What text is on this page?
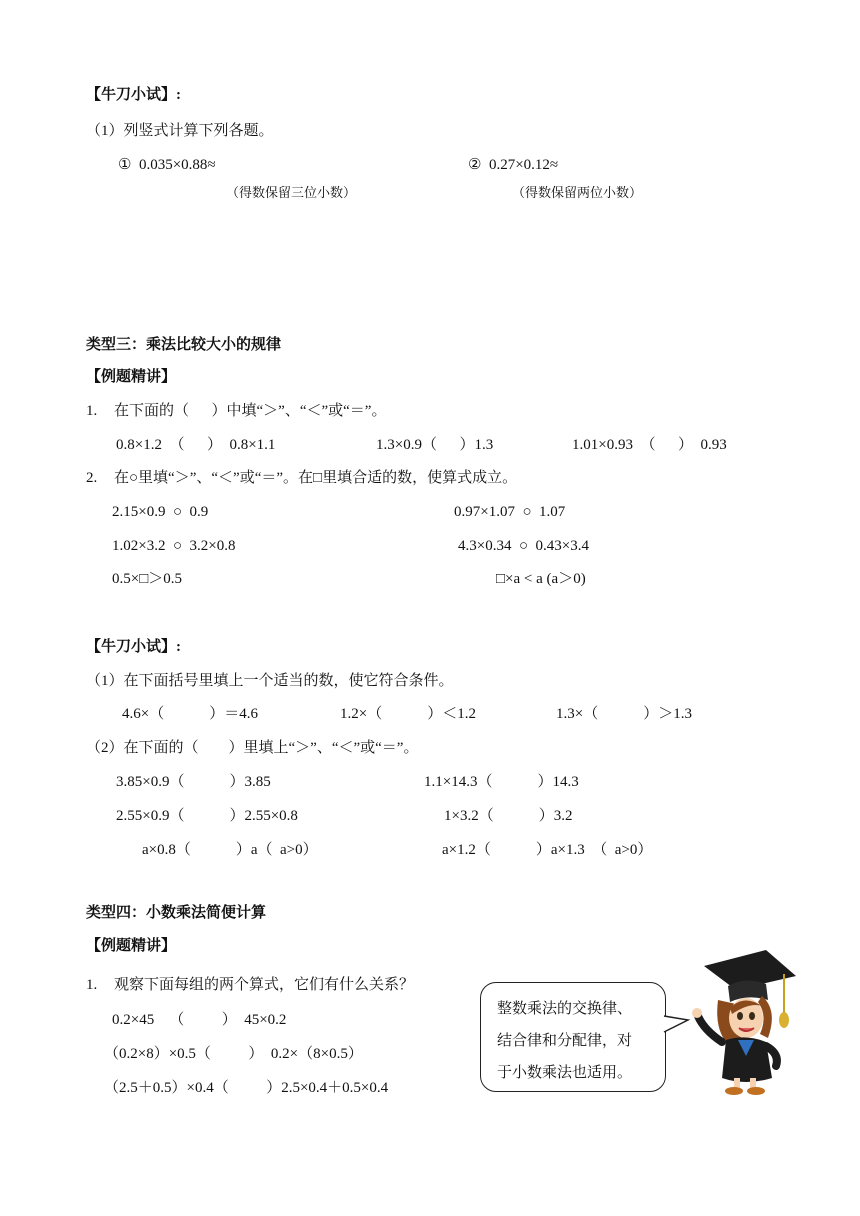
【牛刀小试】:
（1）列竖式计算下列各题。
①  0.035×0.88≈
（得数保留三位小数）
②  0.27×0.12≈
（得数保留两位小数）
类型三：乘法比较大小的规律
【例题精讲】
1. 在下面的（      ）中填“＞”、“＜”或“＝”。
0.8×1.2  （      ）  0.8×1.1	1.3×0.9（      ）1.3	1.01×0.93  （      ）  0.93
2. 在○里填“＞”、“＜”或“＝”。在□里填合适的数，使算式成立。
2.15×0.9  ○  0.9	0.97×1.07  ○  1.07
1.02×3.2  ○  3.2×0.8	4.3×0.34  ○  0.43×3.4
0.5×□＞0.5	□×a < a (a＞0)
【牛刀小试】:
（1）在下面括号里填上一个适当的数，使它符合条件。
4.6×（            ）＝4.6	1.2×（            ）＜1.2	1.3×（            ）＞1.3
（2）在下面的（        ）里填上“＞”、“＜”或“＝”。
3.85×0.9（            ）3.85	1.1×14.3（            ）14.3
2.55×0.9（            ）2.55×0.8	1×3.2（            ）3.2
a×0.8（            ）a（  a>0）	a×1.2（            ）a×1.3  （  a>0）
类型四：小数乘法简便计算
【例题精讲】
1. 观察下面每组的两个算式，它们有什么关系？
0.2×45    （          ）  45×0.2
（0.2×8）×0.5（          ）  0.2×（8×0.5）
（2.5＋0.5）×0.4（          ）2.5×0.4＋0.5×0.4
整数乘法的交换律、
结合律和分配律，对
于小数乘法也适用。
